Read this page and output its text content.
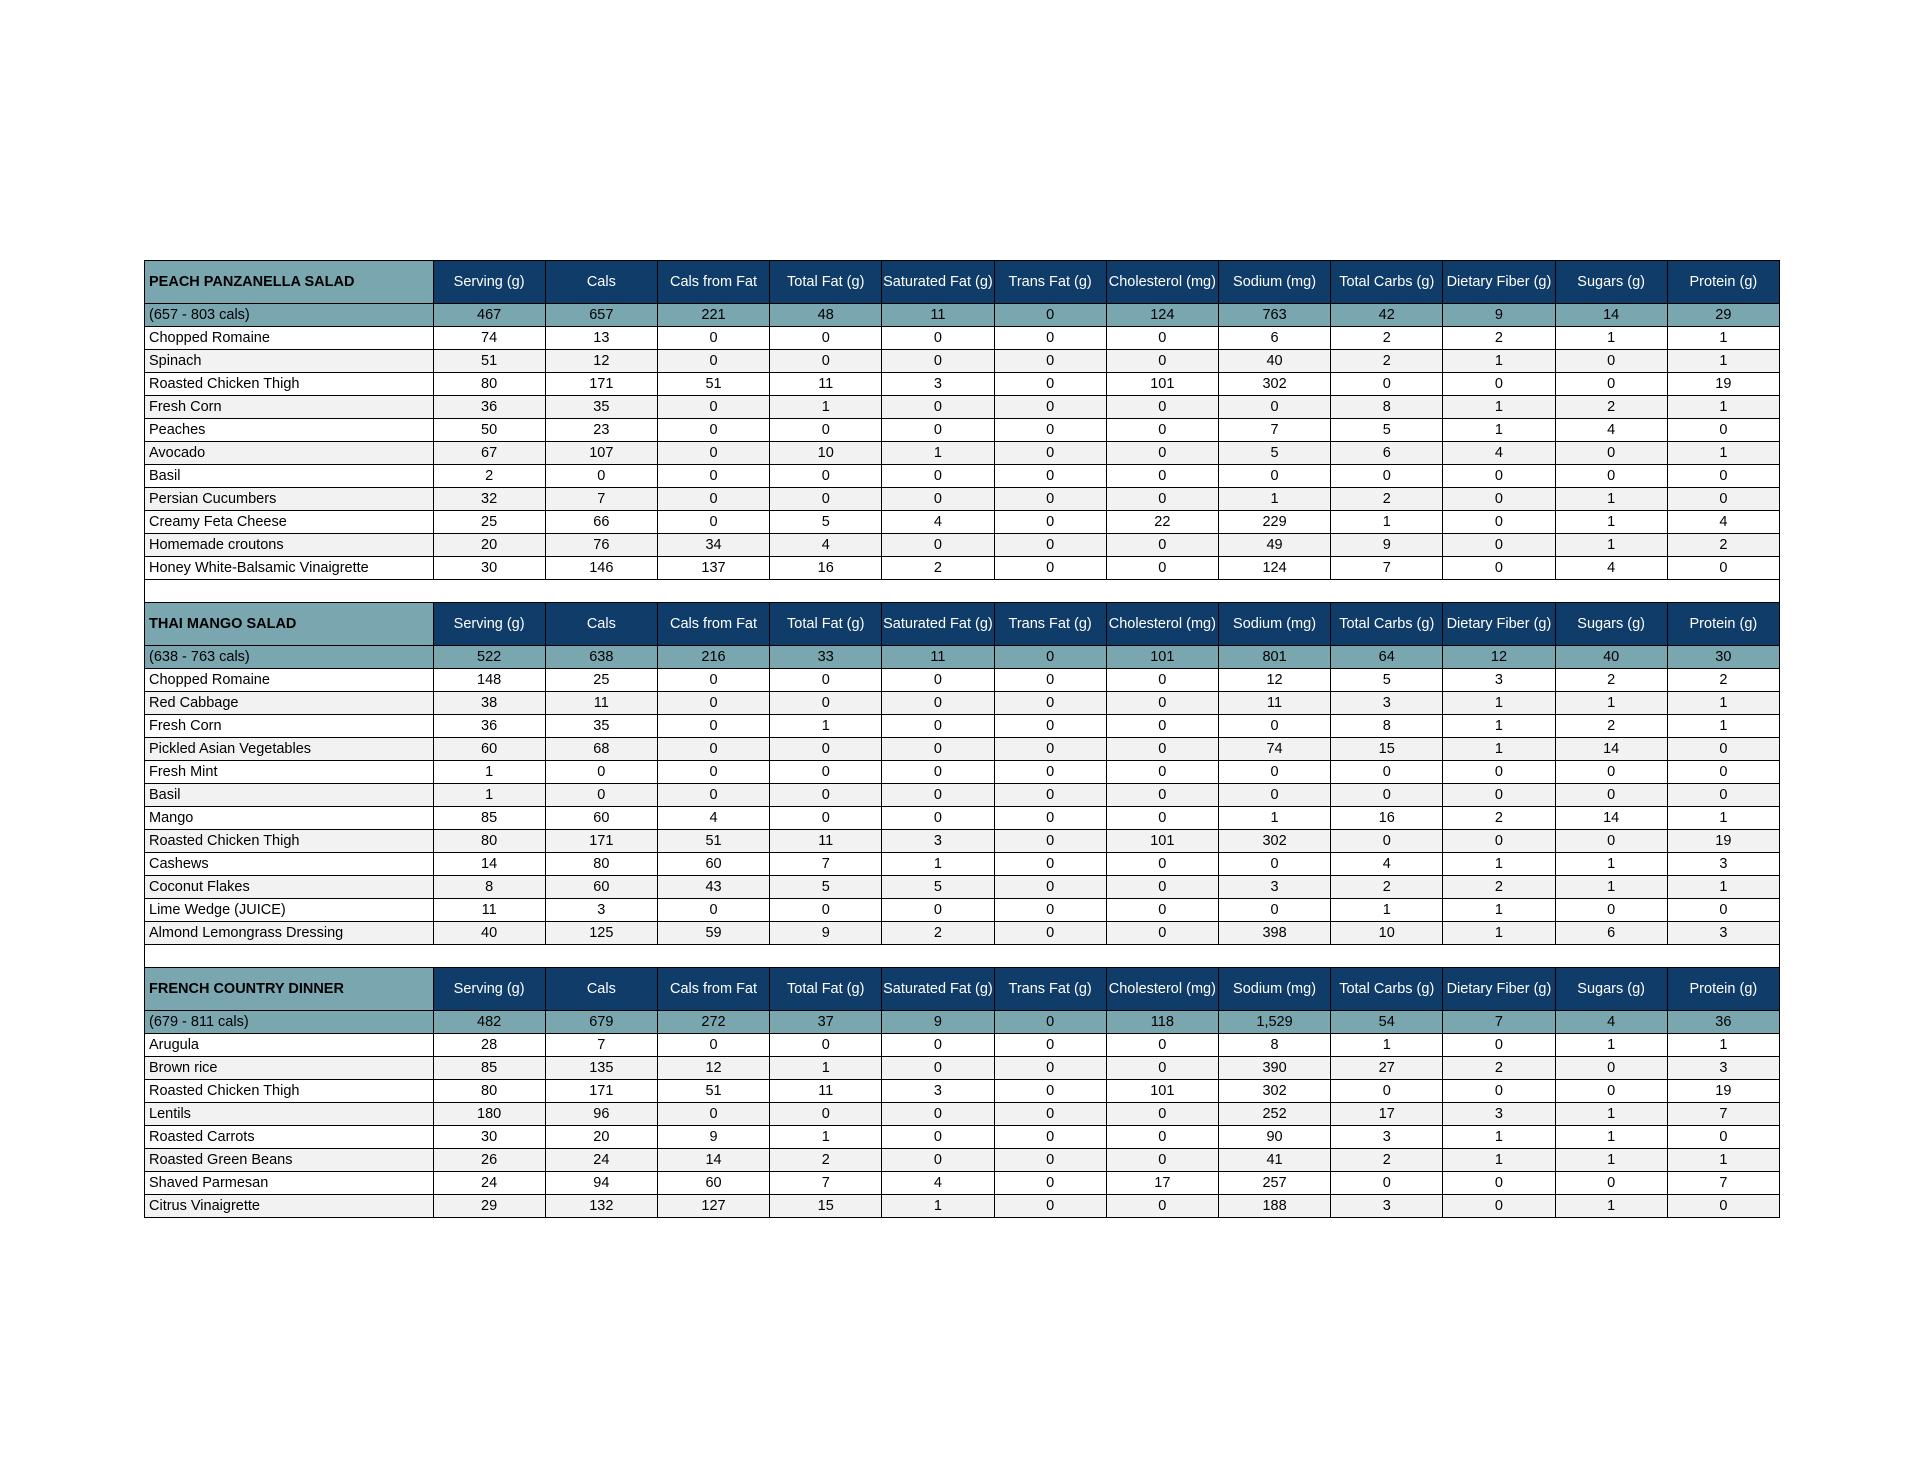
PEACH PANZANELLA SALAD	Serving (g)	Cals	Cals from Fat	Total Fat (g)	Saturated Fat (g)	Trans Fat (g)	Cholesterol (mg)	Sodium (mg)	Total Carbs (g)	Dietary Fiber (g)	Sugars (g)	Protein (g)
(657 - 803 cals)	467	657	221	48	11	0	124	763	42	9	14	29
Chopped Romaine	74	13	0	0	0	0	0	6	2	2	1	1
Spinach	51	12	0	0	0	0	0	40	2	1	0	1
Roasted Chicken Thigh	80	171	51	11	3	0	101	302	0	0	0	19
Fresh Corn	36	35	0	1	0	0	0	0	8	1	2	1
Peaches	50	23	0	0	0	0	0	7	5	1	4	0
Avocado	67	107	0	10	1	0	0	5	6	4	0	1
Basil	2	0	0	0	0	0	0	0	0	0	0	0
Persian Cucumbers	32	7	0	0	0	0	0	1	2	0	1	0
Creamy Feta Cheese	25	66	0	5	4	0	22	229	1	0	1	4
Homemade croutons	20	76	34	4	0	0	0	49	9	0	1	2
Honey White-Balsamic Vinaigrette	30	146	137	16	2	0	0	124	7	0	4	0

THAI MANGO SALAD	Serving (g)	Cals	Cals from Fat	Total Fat (g)	Saturated Fat (g)	Trans Fat (g)	Cholesterol (mg)	Sodium (mg)	Total Carbs (g)	Dietary Fiber (g)	Sugars (g)	Protein (g)
(638 - 763 cals)	522	638	216	33	11	0	101	801	64	12	40	30
Chopped Romaine	148	25	0	0	0	0	0	12	5	3	2	2
Red Cabbage	38	11	0	0	0	0	0	11	3	1	1	1
Fresh Corn	36	35	0	1	0	0	0	0	8	1	2	1
Pickled Asian Vegetables	60	68	0	0	0	0	0	74	15	1	14	0
Fresh Mint	1	0	0	0	0	0	0	0	0	0	0	0
Basil	1	0	0	0	0	0	0	0	0	0	0	0
Mango	85	60	4	0	0	0	0	1	16	2	14	1
Roasted Chicken Thigh	80	171	51	11	3	0	101	302	0	0	0	19
Cashews	14	80	60	7	1	0	0	0	4	1	1	3
Coconut Flakes	8	60	43	5	5	0	0	3	2	2	1	1
Lime Wedge (JUICE)	11	3	0	0	0	0	0	0	1	1	0	0
Almond Lemongrass Dressing	40	125	59	9	2	0	0	398	10	1	6	3

FRENCH COUNTRY DINNER	Serving (g)	Cals	Cals from Fat	Total Fat (g)	Saturated Fat (g)	Trans Fat (g)	Cholesterol (mg)	Sodium (mg)	Total Carbs (g)	Dietary Fiber (g)	Sugars (g)	Protein (g)
(679 - 811 cals)	482	679	272	37	9	0	118	1,529	54	7	4	36
Arugula	28	7	0	0	0	0	0	8	1	0	1	1
Brown rice	85	135	12	1	0	0	0	390	27	2	0	3
Roasted Chicken Thigh	80	171	51	11	3	0	101	302	0	0	0	19
Lentils	180	96	0	0	0	0	0	252	17	3	1	7
Roasted Carrots	30	20	9	1	0	0	0	90	3	1	1	0
Roasted Green Beans	26	24	14	2	0	0	0	41	2	1	1	1
Shaved Parmesan	24	94	60	7	4	0	17	257	0	0	0	7
Citrus Vinaigrette	29	132	127	15	1	0	0	188	3	0	1	0
